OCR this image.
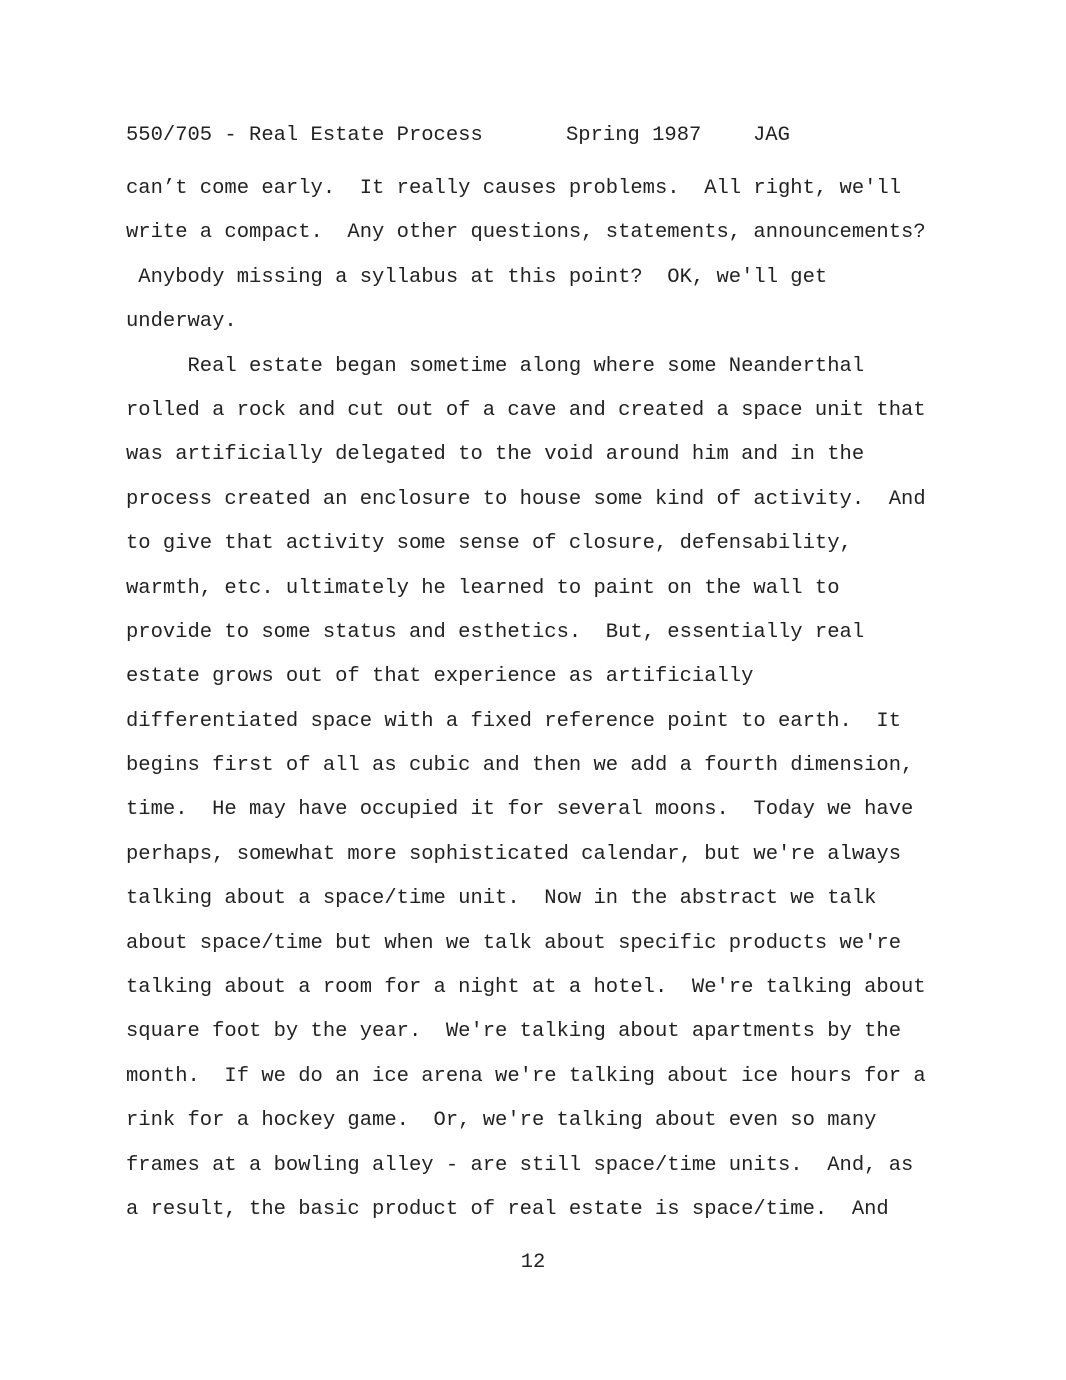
550/705 - Real Estate Process	Spring 1987	JAG
can’t come early.  It really causes problems.  All right, we'll
write a compact.  Any other questions, statements, announcements?
Anybody missing a syllabus at this point?  OK, we'll get
underway.
Real estate began sometime along where some Neanderthal
rolled a rock and cut out of a cave and created a space unit that
was artificially delegated to the void around him and in the
process created an enclosure to house some kind of activity.  And
to give that activity some sense of closure, defensability,
warmth, etc. ultimately he learned to paint on the wall to
provide to some status and esthetics.  But, essentially real
estate grows out of that experience as artificially
differentiated space with a fixed reference point to earth.  It
begins first of all as cubic and then we add a fourth dimension,
time.  He may have occupied it for several moons.  Today we have
perhaps, somewhat more sophisticated calendar, but we're always
talking about a space/time unit.  Now in the abstract we talk
about space/time but when we talk about specific products we're
talking about a room for a night at a hotel.  We're talking about
square foot by the year.  We're talking about apartments by the
month.  If we do an ice arena we're talking about ice hours for a
rink for a hockey game.  Or, we're talking about even so many
frames at a bowling alley - are still space/time units.  And, as
a result, the basic product of real estate is space/time.  And
12
